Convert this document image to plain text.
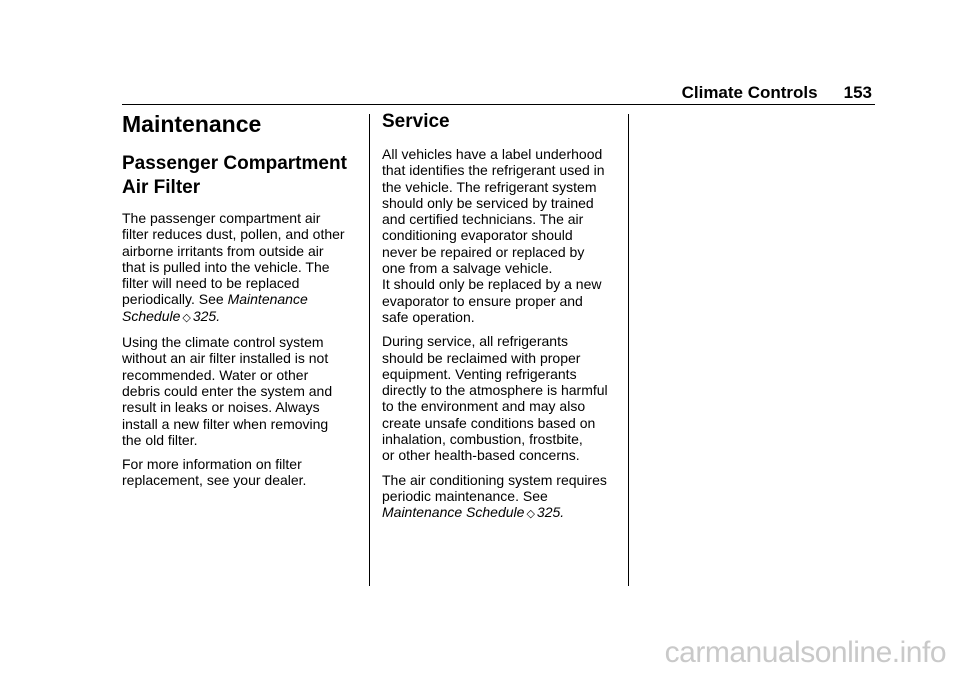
Climate Controls 153
Maintenance
Passenger Compartment
Air Filter

The passenger compartment air
filter reduces dust, pollen, and other
airborne irritants from outside air
that is pulled into the vehicle. The
filter will need to be replaced
periodically. See Maintenance
Schedule ◇ 325.

Using the climate control system
without an air filter installed is not
recommended. Water or other
debris could enter the system and
result in leaks or noises. Always
install a new filter when removing
the old filter.

For more information on filter
replacement, see your dealer.

Service

All vehicles have a label underhood
that identifies the refrigerant used in
the vehicle. The refrigerant system
should only be serviced by trained
and certified technicians. The air
conditioning evaporator should
never be repaired or replaced by
one from a salvage vehicle.
It should only be replaced by a new
evaporator to ensure proper and
safe operation.

During service, all refrigerants
should be reclaimed with proper
equipment. Venting refrigerants
directly to the atmosphere is harmful
to the environment and may also
create unsafe conditions based on
inhalation, combustion, frostbite,
or other health-based concerns.

The air conditioning system requires
periodic maintenance. See
Maintenance Schedule ◇ 325.

carmanualsonline.info
